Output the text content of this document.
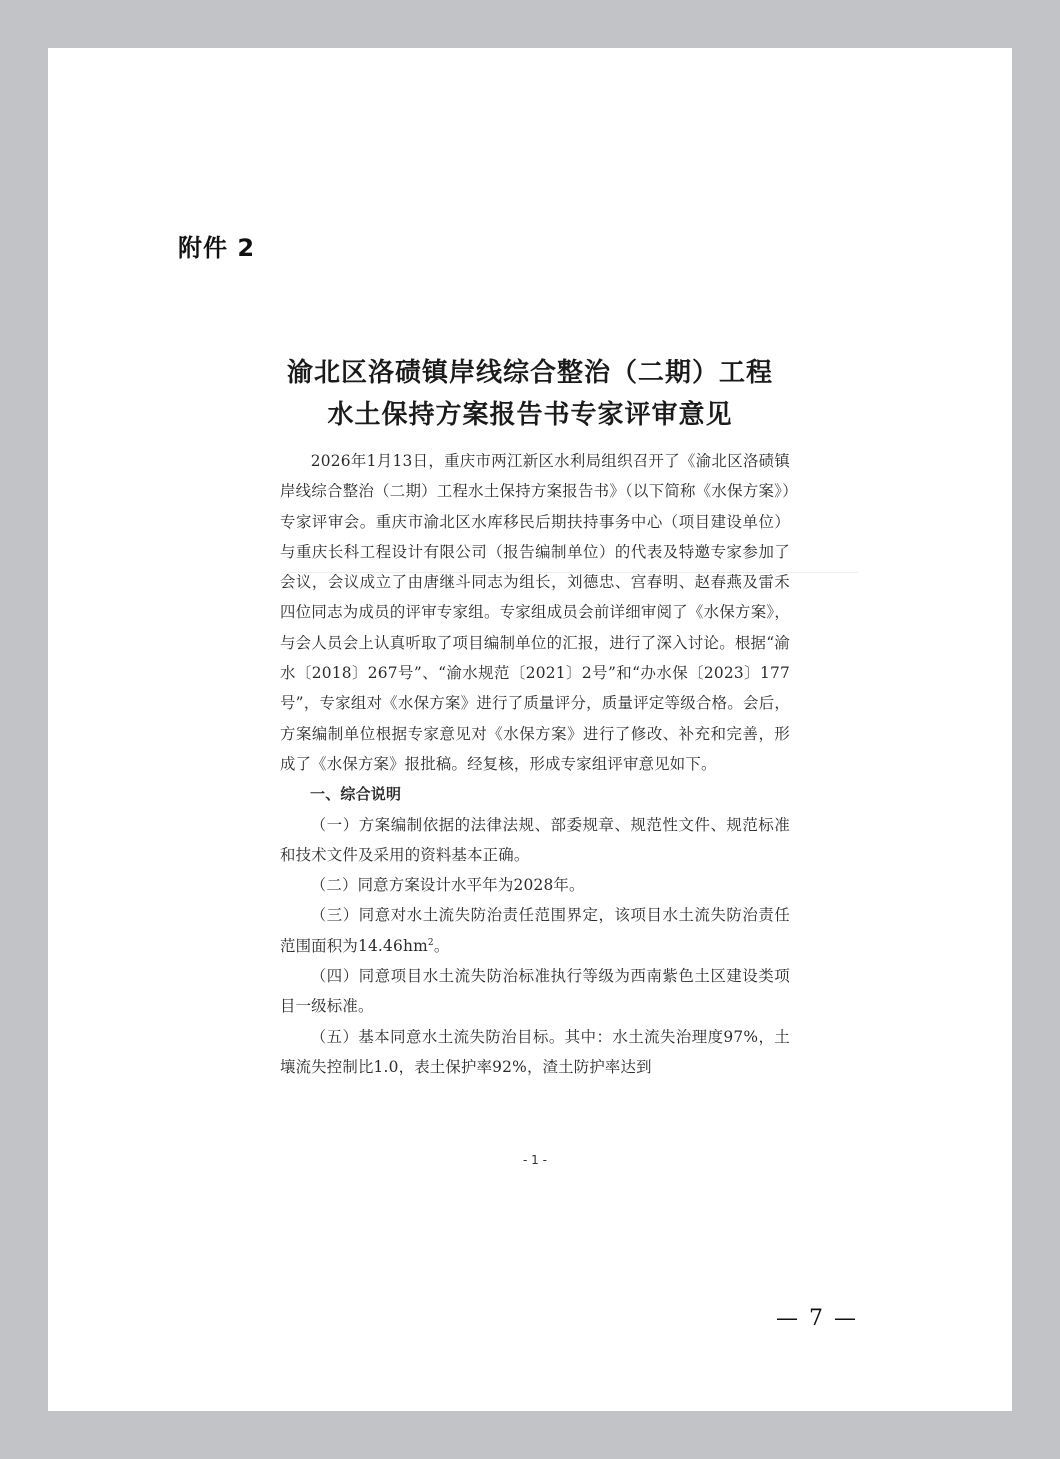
附件 2
渝北区洛碛镇岸线综合整治（二期）工程
水土保持方案报告书专家评审意见

2026年1月13日，重庆市两江新区水利局组织召开了《渝北区洛碛镇岸线综合整治（二期）工程水土保持方案报告书》（以下简称《水保方案》）专家评审会。重庆市渝北区水库移民后期扶持事务中心（项目建设单位）与重庆长科工程设计有限公司（报告编制单位）的代表及特邀专家参加了会议，会议成立了由唐继斗同志为组长，刘德忠、宫春明、赵春燕及雷禾四位同志为成员的评审专家组。专家组成员会前详细审阅了《水保方案》，与会人员会上认真听取了项目编制单位的汇报，进行了深入讨论。根据“渝水〔2018〕267号”、“渝水规范〔2021〕2号”和“办水保〔2023〕177号”，专家组对《水保方案》进行了质量评分，质量评定等级合格。会后，方案编制单位根据专家意见对《水保方案》进行了修改、补充和完善，形成了《水保方案》报批稿。经复核，形成专家组评审意见如下。

一、综合说明

（一）方案编制依据的法律法规、部委规章、规范性文件、规范标准和技术文件及采用的资料基本正确。

（二）同意方案设计水平年为2028年。

（三）同意对水土流失防治责任范围界定，该项目水土流失防治责任范围面积为$14.46hm^2$。

（四）同意项目水土流失防治标准执行等级为西南紫色土区建设类项目一级标准。

（五）基本同意水土流失防治目标。其中：水土流失治理度97%，土壤流失控制比1.0，表土保护率92%，渣土防护率达到

- 1 -
— 7 —
